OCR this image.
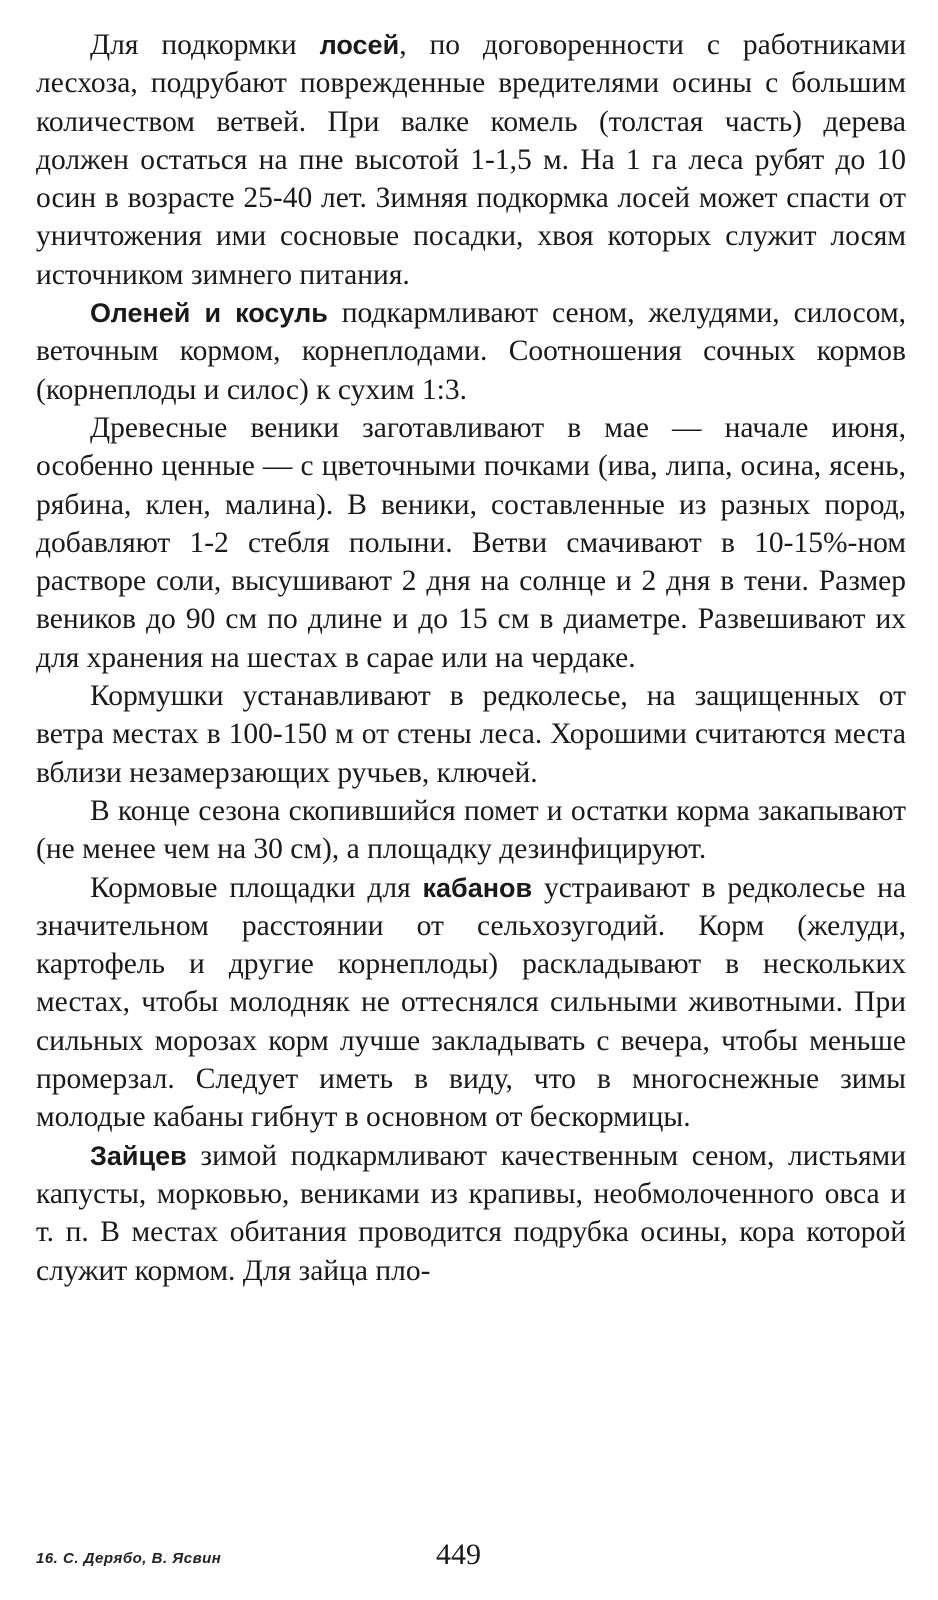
Для подкормки лосей, по договоренности с работниками лесхоза, подрубают поврежденные вредителями осины с большим количеством ветвей. При валке комель (толстая часть) дерева должен остаться на пне высотой 1-1,5 м. На 1 га леса рубят до 10 осин в возрасте 25-40 лет. Зимняя подкормка лосей может спасти от уничтожения ими сосновые посадки, хвоя которых служит лосям источником зимнего питания.

Оленей и косуль подкармливают сеном, желудями, силосом, веточным кормом, корнеплодами. Соотношения сочных кормов (корнеплоды и силос) к сухим 1:3.

Древесные веники заготавливают в мае — начале июня, особенно ценные — с цветочными почками (ива, липа, осина, ясень, рябина, клен, малина). В веники, составленные из разных пород, добавляют 1-2 стебля полыни. Ветви смачивают в 10-15%-ном растворе соли, высушивают 2 дня на солнце и 2 дня в тени. Размер веников до 90 см по длине и до 15 см в диаметре. Развешивают их для хранения на шестах в сарае или на чердаке.

Кормушки устанавливают в редколесье, на защищенных от ветра местах в 100-150 м от стены леса. Хорошими считаются места вблизи незамерзающих ручьев, ключей.

В конце сезона скопившийся помет и остатки корма закапывают (не менее чем на 30 см), а площадку дезинфицируют.

Кормовые площадки для кабанов устраивают в редколесье на значительном расстоянии от сельхозугодий. Корм (желуди, картофель и другие корнеплоды) раскладывают в нескольких местах, чтобы молодняк не оттеснялся сильными животными. При сильных морозах корм лучше закладывать с вечера, чтобы меньше промерзал. Следует иметь в виду, что в многоснежные зимы молодые кабаны гибнут в основном от бескормицы.

Зайцев зимой подкармливают качественным сеном, листьями капусты, морковью, вениками из крапивы, необмолоченного овса и т. п. В местах обитания проводится подрубка осины, кора которой служит кормом. Для зайца пло-

16. С. Дерябо, В. Ясвин	449
